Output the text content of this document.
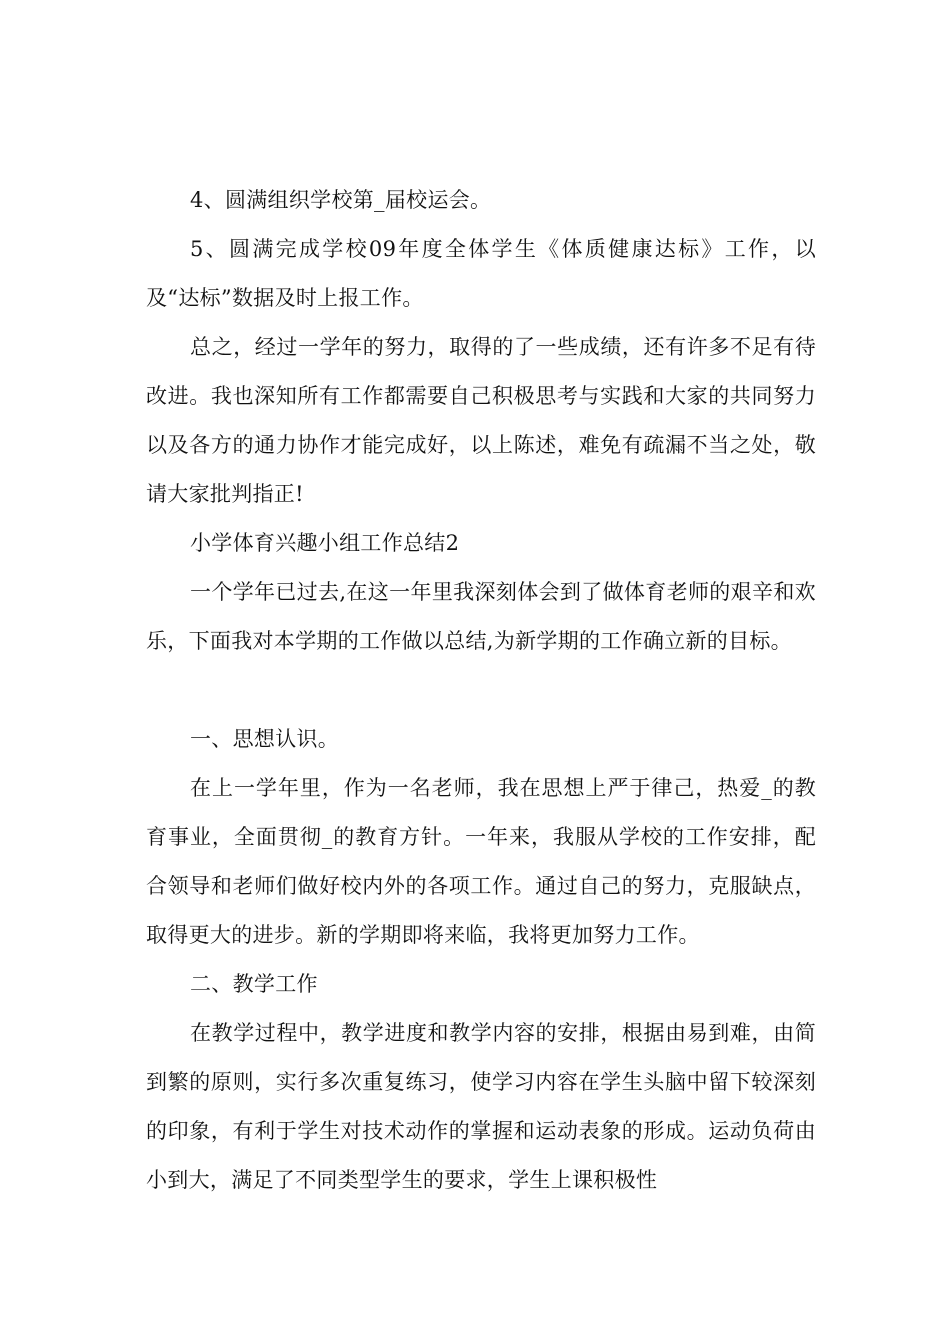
4、圆满组织学校第_届校运会。

5、圆满完成学校09年度全体学生《体质健康达标》工作，以及“达标”数据及时上报工作。

总之，经过一学年的努力，取得的了一些成绩，还有许多不足有待改进。我也深知所有工作都需要自己积极思考与实践和大家的共同努力以及各方的通力协作才能完成好，以上陈述，难免有疏漏不当之处，敬请大家批判指正!

小学体育兴趣小组工作总结2

一个学年已过去,在这一年里我深刻体会到了做体育老师的艰辛和欢乐，下面我对本学期的工作做以总结,为新学期的工作确立新的目标。

一、思想认识。

在上一学年里，作为一名老师，我在思想上严于律己，热爱_的教育事业，全面贯彻_的教育方针。一年来，我服从学校的工作安排，配合领导和老师们做好校内外的各项工作。通过自己的努力，克服缺点，取得更大的进步。新的学期即将来临，我将更加努力工作。

二、教学工作

在教学过程中，教学进度和教学内容的安排，根据由易到难，由简到繁的原则，实行多次重复练习，使学习内容在学生头脑中留下较深刻的印象，有利于学生对技术动作的掌握和运动表象的形成。运动负荷由小到大，满足了不同类型学生的要求，学生上课积极性
